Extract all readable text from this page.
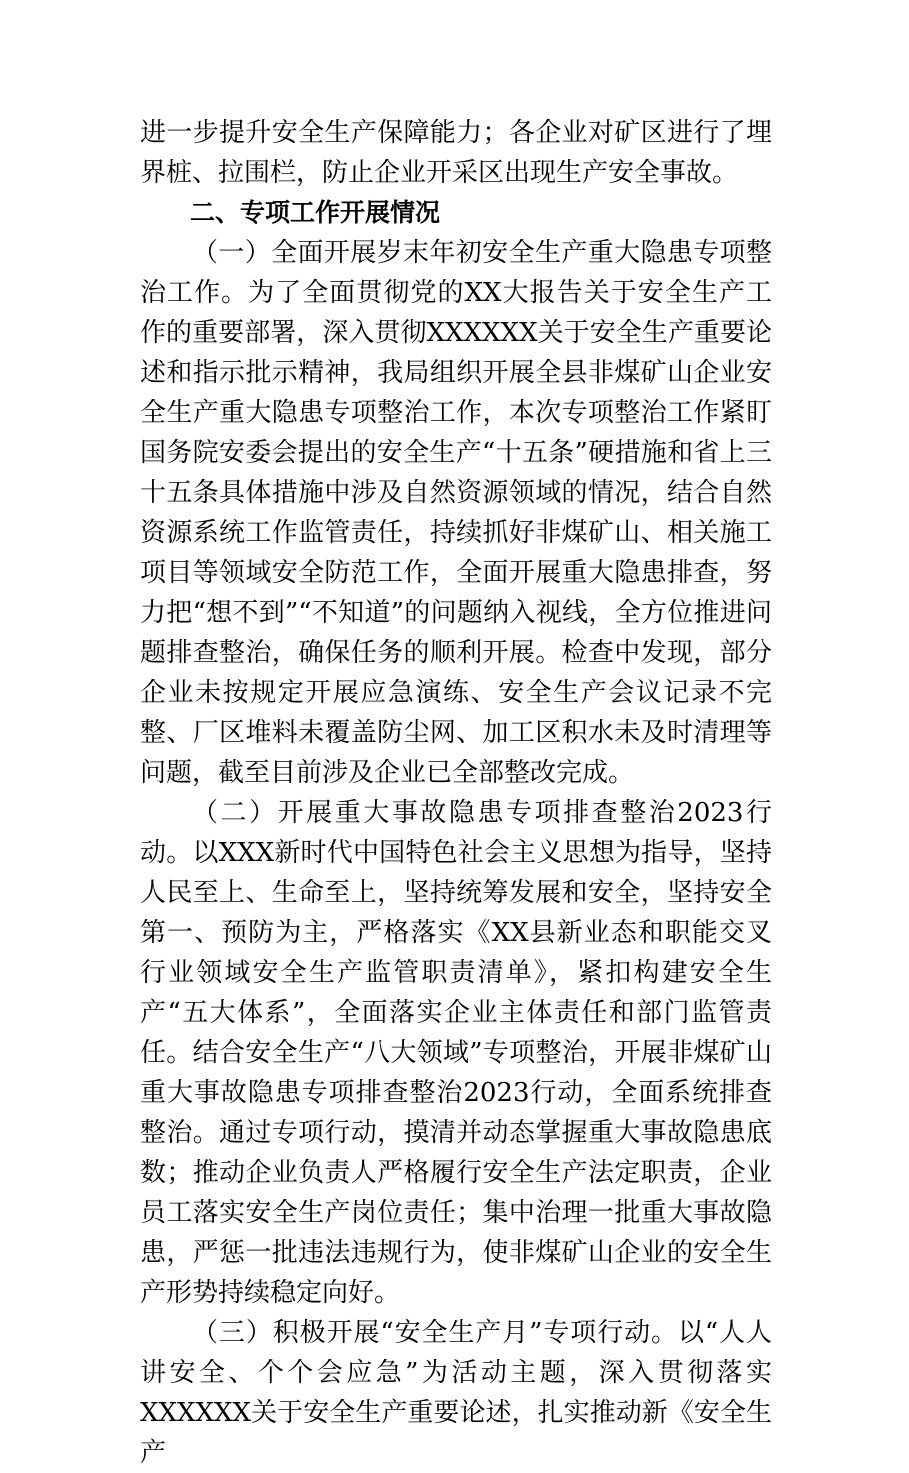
进一步提升安全生产保障能力；各企业对矿区进行了埋界桩、拉围栏，防止企业开采区出现生产安全事故。

二、专项工作开展情况

（一）全面开展岁末年初安全生产重大隐患专项整治工作。为了全面贯彻党的XX大报告关于安全生产工作的重要部署，深入贯彻XXXXXX关于安全生产重要论述和指示批示精神，我局组织开展全县非煤矿山企业安全生产重大隐患专项整治工作，本次专项整治工作紧盯国务院安委会提出的安全生产“十五条”硬措施和省上三十五条具体措施中涉及自然资源领域的情况，结合自然资源系统工作监管责任，持续抓好非煤矿山、相关施工项目等领域安全防范工作，全面开展重大隐患排查，努力把“想不到”“不知道”的问题纳入视线，全方位推进问题排查整治，确保任务的顺利开展。检查中发现，部分企业未按规定开展应急演练、安全生产会议记录不完整、厂区堆料未覆盖防尘网、加工区积水未及时清理等问题，截至目前涉及企业已全部整改完成。

（二）开展重大事故隐患专项排查整治2023行动。以XXX新时代中国特色社会主义思想为指导，坚持人民至上、生命至上，坚持统筹发展和安全，坚持安全第一、预防为主，严格落实《XX县新业态和职能交叉行业领域安全生产监管职责清单》，紧扣构建安全生产“五大体系”，全面落实企业主体责任和部门监管责任。结合安全生产“八大领域”专项整治，开展非煤矿山重大事故隐患专项排查整治2023行动，全面系统排查整治。通过专项行动，摸清并动态掌握重大事故隐患底数；推动企业负责人严格履行安全生产法定职责，企业员工落实安全生产岗位责任；集中治理一批重大事故隐患，严惩一批违法违规行为，使非煤矿山企业的安全生产形势持续稳定向好。

（三）积极开展“安全生产月”专项行动。以“人人讲安全、个个会应急”为活动主题，深入贯彻落实XXXXXX关于安全生产重要论述，扎实推动新《安全生产
